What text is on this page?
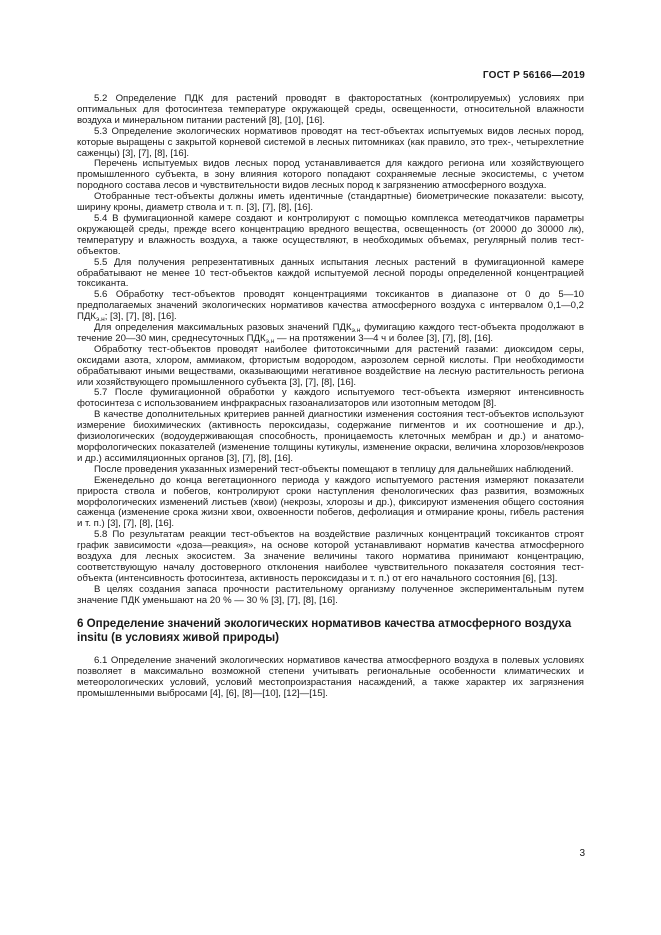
ГОСТ Р 56166—2019

5.2 Определение ПДК для растений проводят в факторостатных (контролируемых) условиях при оптимальных для фотосинтеза температуре окружающей среды, освещенности, относительной влажности воздуха и минеральном питании растений [8], [10], [16].

5.3 Определение экологических нормативов проводят на тест-объектах испытуемых видов лесных пород, которые выращены с закрытой корневой системой в лесных питомниках (как правило, это трех-, четырехлетние саженцы) [3], [7], [8], [16].

Перечень испытуемых видов лесных пород устанавливается для каждого региона или хозяйствующего промышленного субъекта, в зону влияния которого попадают сохраняемые лесные экосистемы, с учетом породного состава лесов и чувствительности видов лесных пород к загрязнению атмосферного воздуха.

Отобранные тест-объекты должны иметь идентичные (стандартные) биометрические показатели: высоту, ширину кроны, диаметр ствола и т. п. [3], [7], [8], [16].

5.4 В фумигационной камере создают и контролируют с помощью комплекса метеодатчиков параметры окружающей среды, прежде всего концентрацию вредного вещества, освещенность (от 20000 до 30000 лк), температуру и влажность воздуха, а также осуществляют, в необходимых объемах, регулярный полив тест-объектов.

5.5 Для получения репрезентативных данных испытания лесных растений в фумигационной камере обрабатывают не менее 10 тест-объектов каждой испытуемой лесной породы определенной концентрацией токсиканта.

5.6 Обработку тест-объектов проводят концентрациями токсикантов в диапазоне от 0 до 5—10 предполагаемых значений экологических нормативов качества атмосферного воздуха с интервалом 0,1—0,2 $ПДК_{э.н}$; [3], [7], [8], [16].

Для определения максимальных разовых значений $ПДК_{э.н}$ фумигацию каждого тест-объекта продолжают в течение 20—30 мин, среднесуточных $ПДК_{э.н}$ — на протяжении 3—4 ч и более [3], [7], [8], [16].

Обработку тест-объектов проводят наиболее фитотоксичными для растений газами: диоксидом серы, оксидами азота, хлором, аммиаком, фтористым водородом, аэрозолем серной кислоты. При необходимости обрабатывают иными веществами, оказывающими негативное воздействие на лесную растительность региона или хозяйствующего промышленного субъекта [3], [7], [8], [16].

5.7 После фумигационной обработки у каждого испытуемого тест-объекта измеряют интенсивность фотосинтеза с использованием инфракрасных газоанализаторов или изотопным методом [8].

В качестве дополнительных критериев ранней диагностики изменения состояния тест-объектов используют измерение биохимических (активность пероксидазы, содержание пигментов и их соотношение и др.), физиологических (водоудерживающая способность, проницаемость клеточных мембран и др.) и анатомо-морфологических показателей (изменение толщины кутикулы, изменение окраски, величина хлорозов/некрозов и др.) ассимиляционных органов [3], [7], [8], [16].

После проведения указанных измерений тест-объекты помещают в теплицу для дальнейших наблюдений.

Еженедельно до конца вегетационного периода у каждого испытуемого растения измеряют показатели прироста ствола и побегов, контролируют сроки наступления фенологических фаз развития, возможных морфологических изменений листьев (хвои) (некрозы, хлорозы и др.), фиксируют изменения общего состояния саженца (изменение срока жизни хвои, охвоенности побегов, дефолиация и отмирание кроны, гибель растения и т. п.) [3], [7], [8], [16].

5.8 По результатам реакции тест-объектов на воздействие различных концентраций токсикантов строят график зависимости «доза—реакция», на основе которой устанавливают норматив качества атмосферного воздуха для лесных экосистем. За значение величины такого норматива принимают концентрацию, соответствующую началу достоверного отклонения наиболее чувствительного показателя состояния тест-объекта (интенсивность фотосинтеза, активность пероксидазы и т. п.) от его начального состояния [6], [13].

В целях создания запаса прочности растительному организму полученное экспериментальным путем значение ПДК уменьшают на 20 % — 30 % [3], [7], [8], [16].

6 Определение значений экологических нормативов качества атмосферного воздуха insitu (в условиях живой природы)

6.1 Определение значений экологических нормативов качества атмосферного воздуха в полевых условиях позволяет в максимально возможной степени учитывать региональные особенности климатических и метеорологических условий, условий местопроизрастания насаждений, а также характер их загрязнения промышленными выбросами [4], [6], [8]—[10], [12]—[15].

3
